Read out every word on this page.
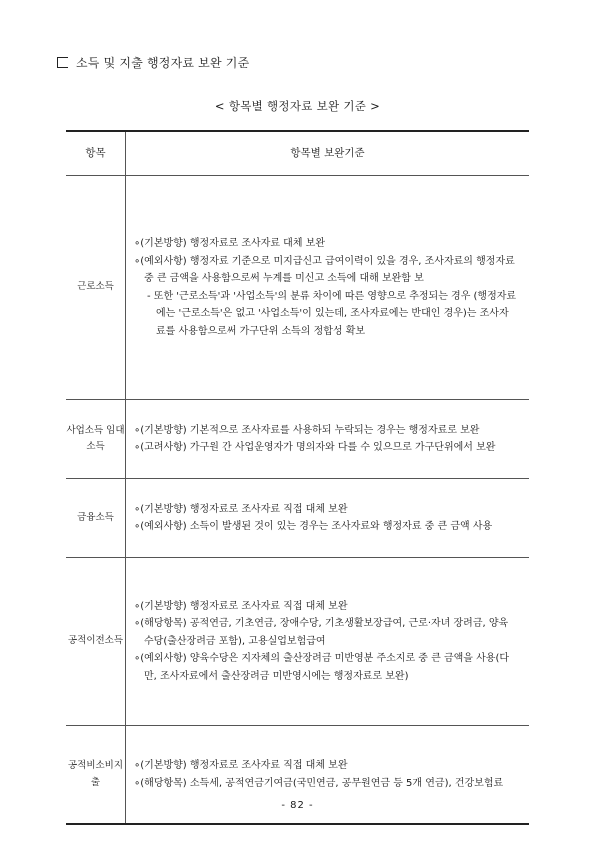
소득 및 지출 행정자료 보완 기준
< 항목별 행정자료 보완 기준 >
항목	항목별 보완기준
근로소득	∘(기본방향) 행정자료로 조사자료 대체 보완
∘(예외사항) 행정자료 기준으로 미지급신고 급여이력이 있을 경우, 조사자료의 행정자료 중 큰 금액을 사용함으로써 누계를 미신고 소득에 대해 보완함 보
- 또한 '근로소득'과 '사업소득'의 분류 차이에 따른 영향으로 추정되는 경우 (행정자료에는 '근로소득'은 없고 '사업소득'이 있는데, 조사자료에는 반대인 경우)는 조사자료를 사용함으로써 가구단위 소득의 정합성 확보

사업소득 임대소득	∘(기본방향) 기본적으로 조사자료를 사용하되 누락되는 경우는 행정자료로 보완
∘(고려사항) 가구원 간 사업운영자가 명의자와 다를 수 있으므로 가구단위에서 보완

금융소득	∘(기본방향) 행정자료로 조사자료 직접 대체 보완
∘(예외사항) 소득이 발생된 것이 있는 경우는 조사자료와 행정자료 중 큰 금액 사용

공적이전소득	∘(기본방향) 행정자료로 조사자료 직접 대체 보완
∘(해당항목) 공적연금, 기초연금, 장애수당, 기초생활보장급여, 근로·자녀 장려금, 양육수당(출산장려금 포함), 고용실업보험급여
∘(예외사항) 양육수당은 지자체의 출산장려금 미반영분 주소지로 중 큰 금액을 사용(다만, 조사자료에서 출산장려금 미반영시에는 행정자료로 보완)

공적비소비지출	∘(기본방향) 행정자료로 조사자료 직접 대체 보완
∘(해당항목) 소득세, 공적연금기여금(국민연금, 공무원연금 등 5개 연금), 건강보험료
- 82 -
